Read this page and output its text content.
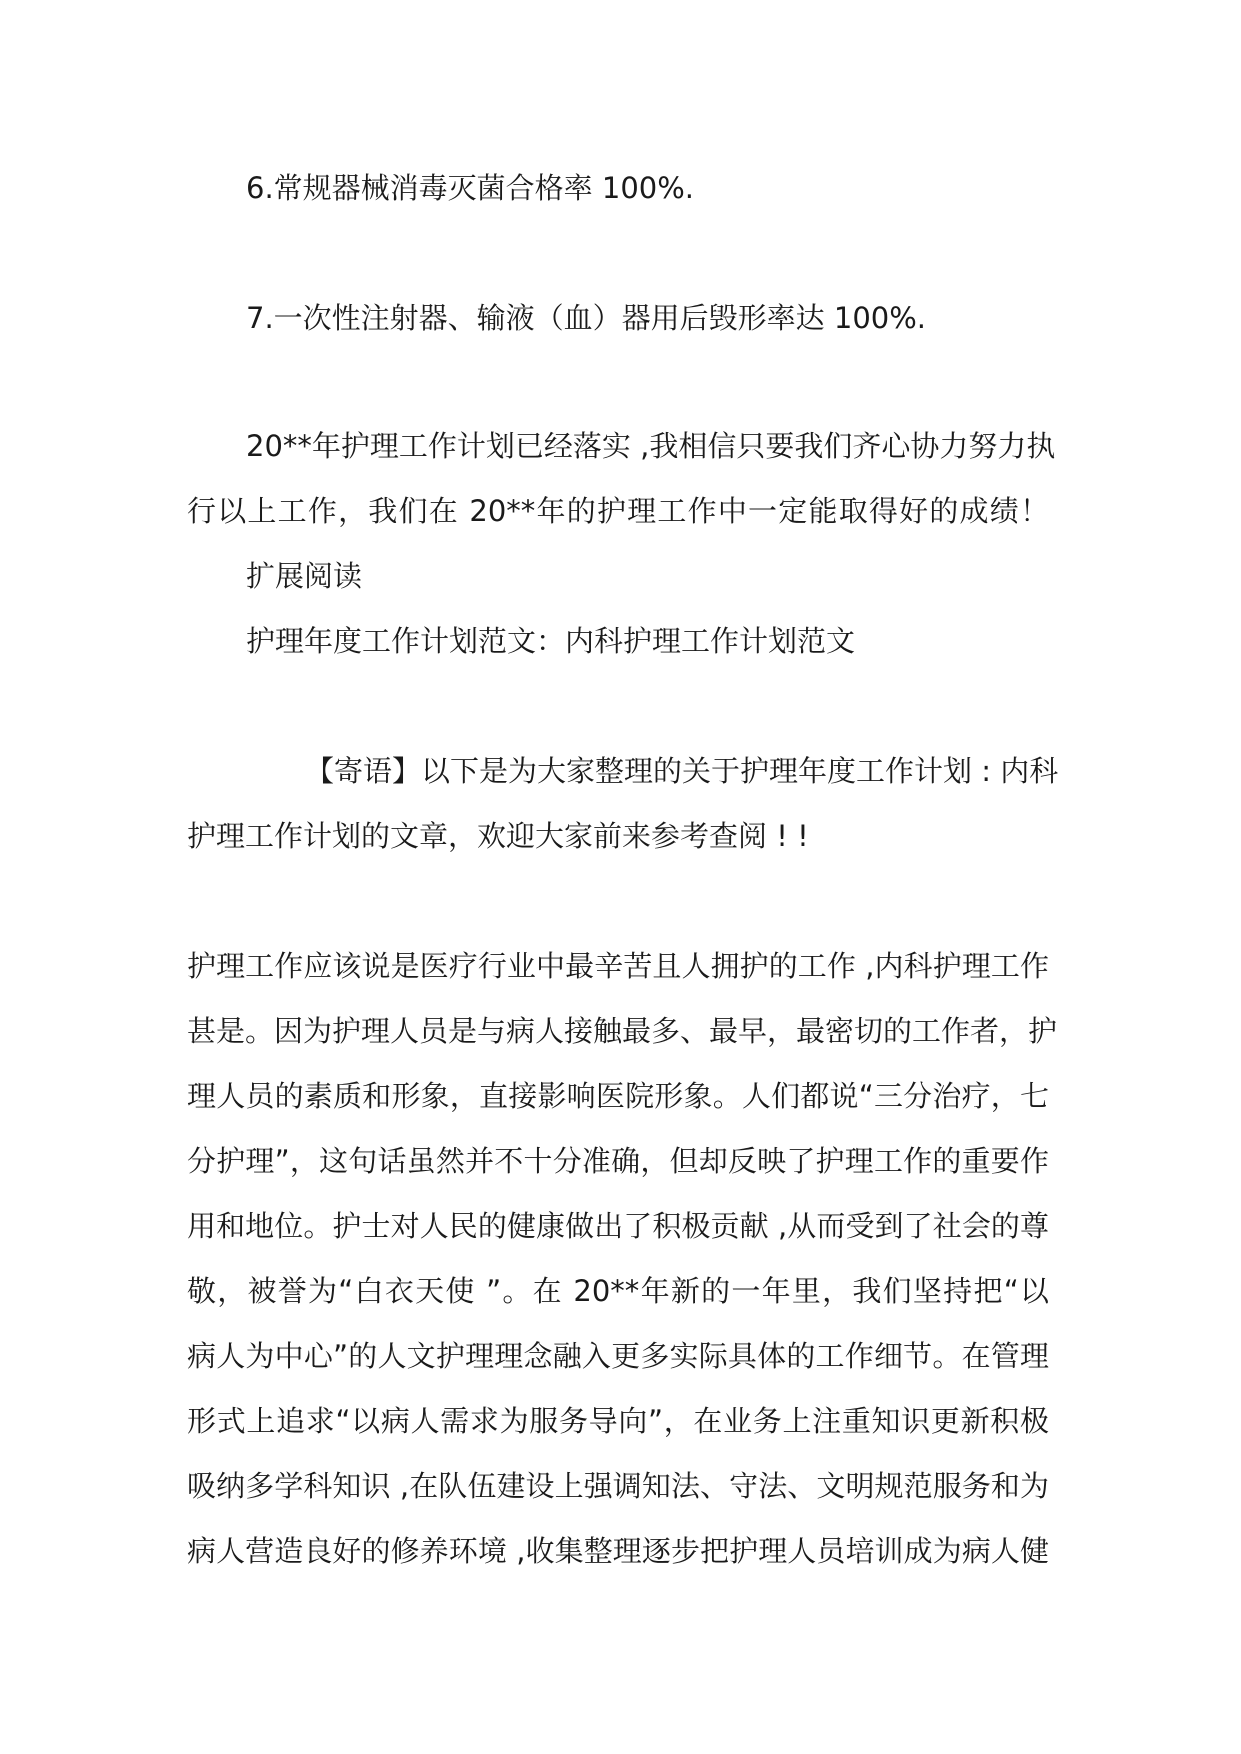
6.常规器械消毒灭菌合格率 100%.
7.一次性注射器、输液（血）器用后毁形率达 100%.
20**年护理工作计划已经落实 ,我相信只要我们齐心协力努力执
行以上工作，我们在 20**年的护理工作中一定能取得好的成绩！
扩展阅读
护理年度工作计划范文：内科护理工作计划范文
【寄语】以下是为大家整理的关于护理年度工作计划 : 内科
护理工作计划的文章，欢迎大家前来参考查阅 ! !
护理工作应该说是医疗行业中最辛苦且人拥护的工作 ,内科护理工作
甚是。因为护理人员是与病人接触最多、最早，最密切的工作者，护
理人员的素质和形象，直接影响医院形象。人们都说“三分治疗，七
分护理”，这句话虽然并不十分准确，但却反映了护理工作的重要作
用和地位。护士对人民的健康做出了积极贡献 ,从而受到了社会的尊
敬，被誉为“白衣天使 ”。在 20**年新的一年里，我们坚持把“以
病人为中心”的人文护理理念融入更多实际具体的工作细节。在管理
形式上追求“以病人需求为服务导向”，在业务上注重知识更新积极
吸纳多学科知识 ,在队伍建设上强调知法、守法、文明规范服务和为
病人营造良好的修养环境 ,收集整理逐步把护理人员培训成为病人健
